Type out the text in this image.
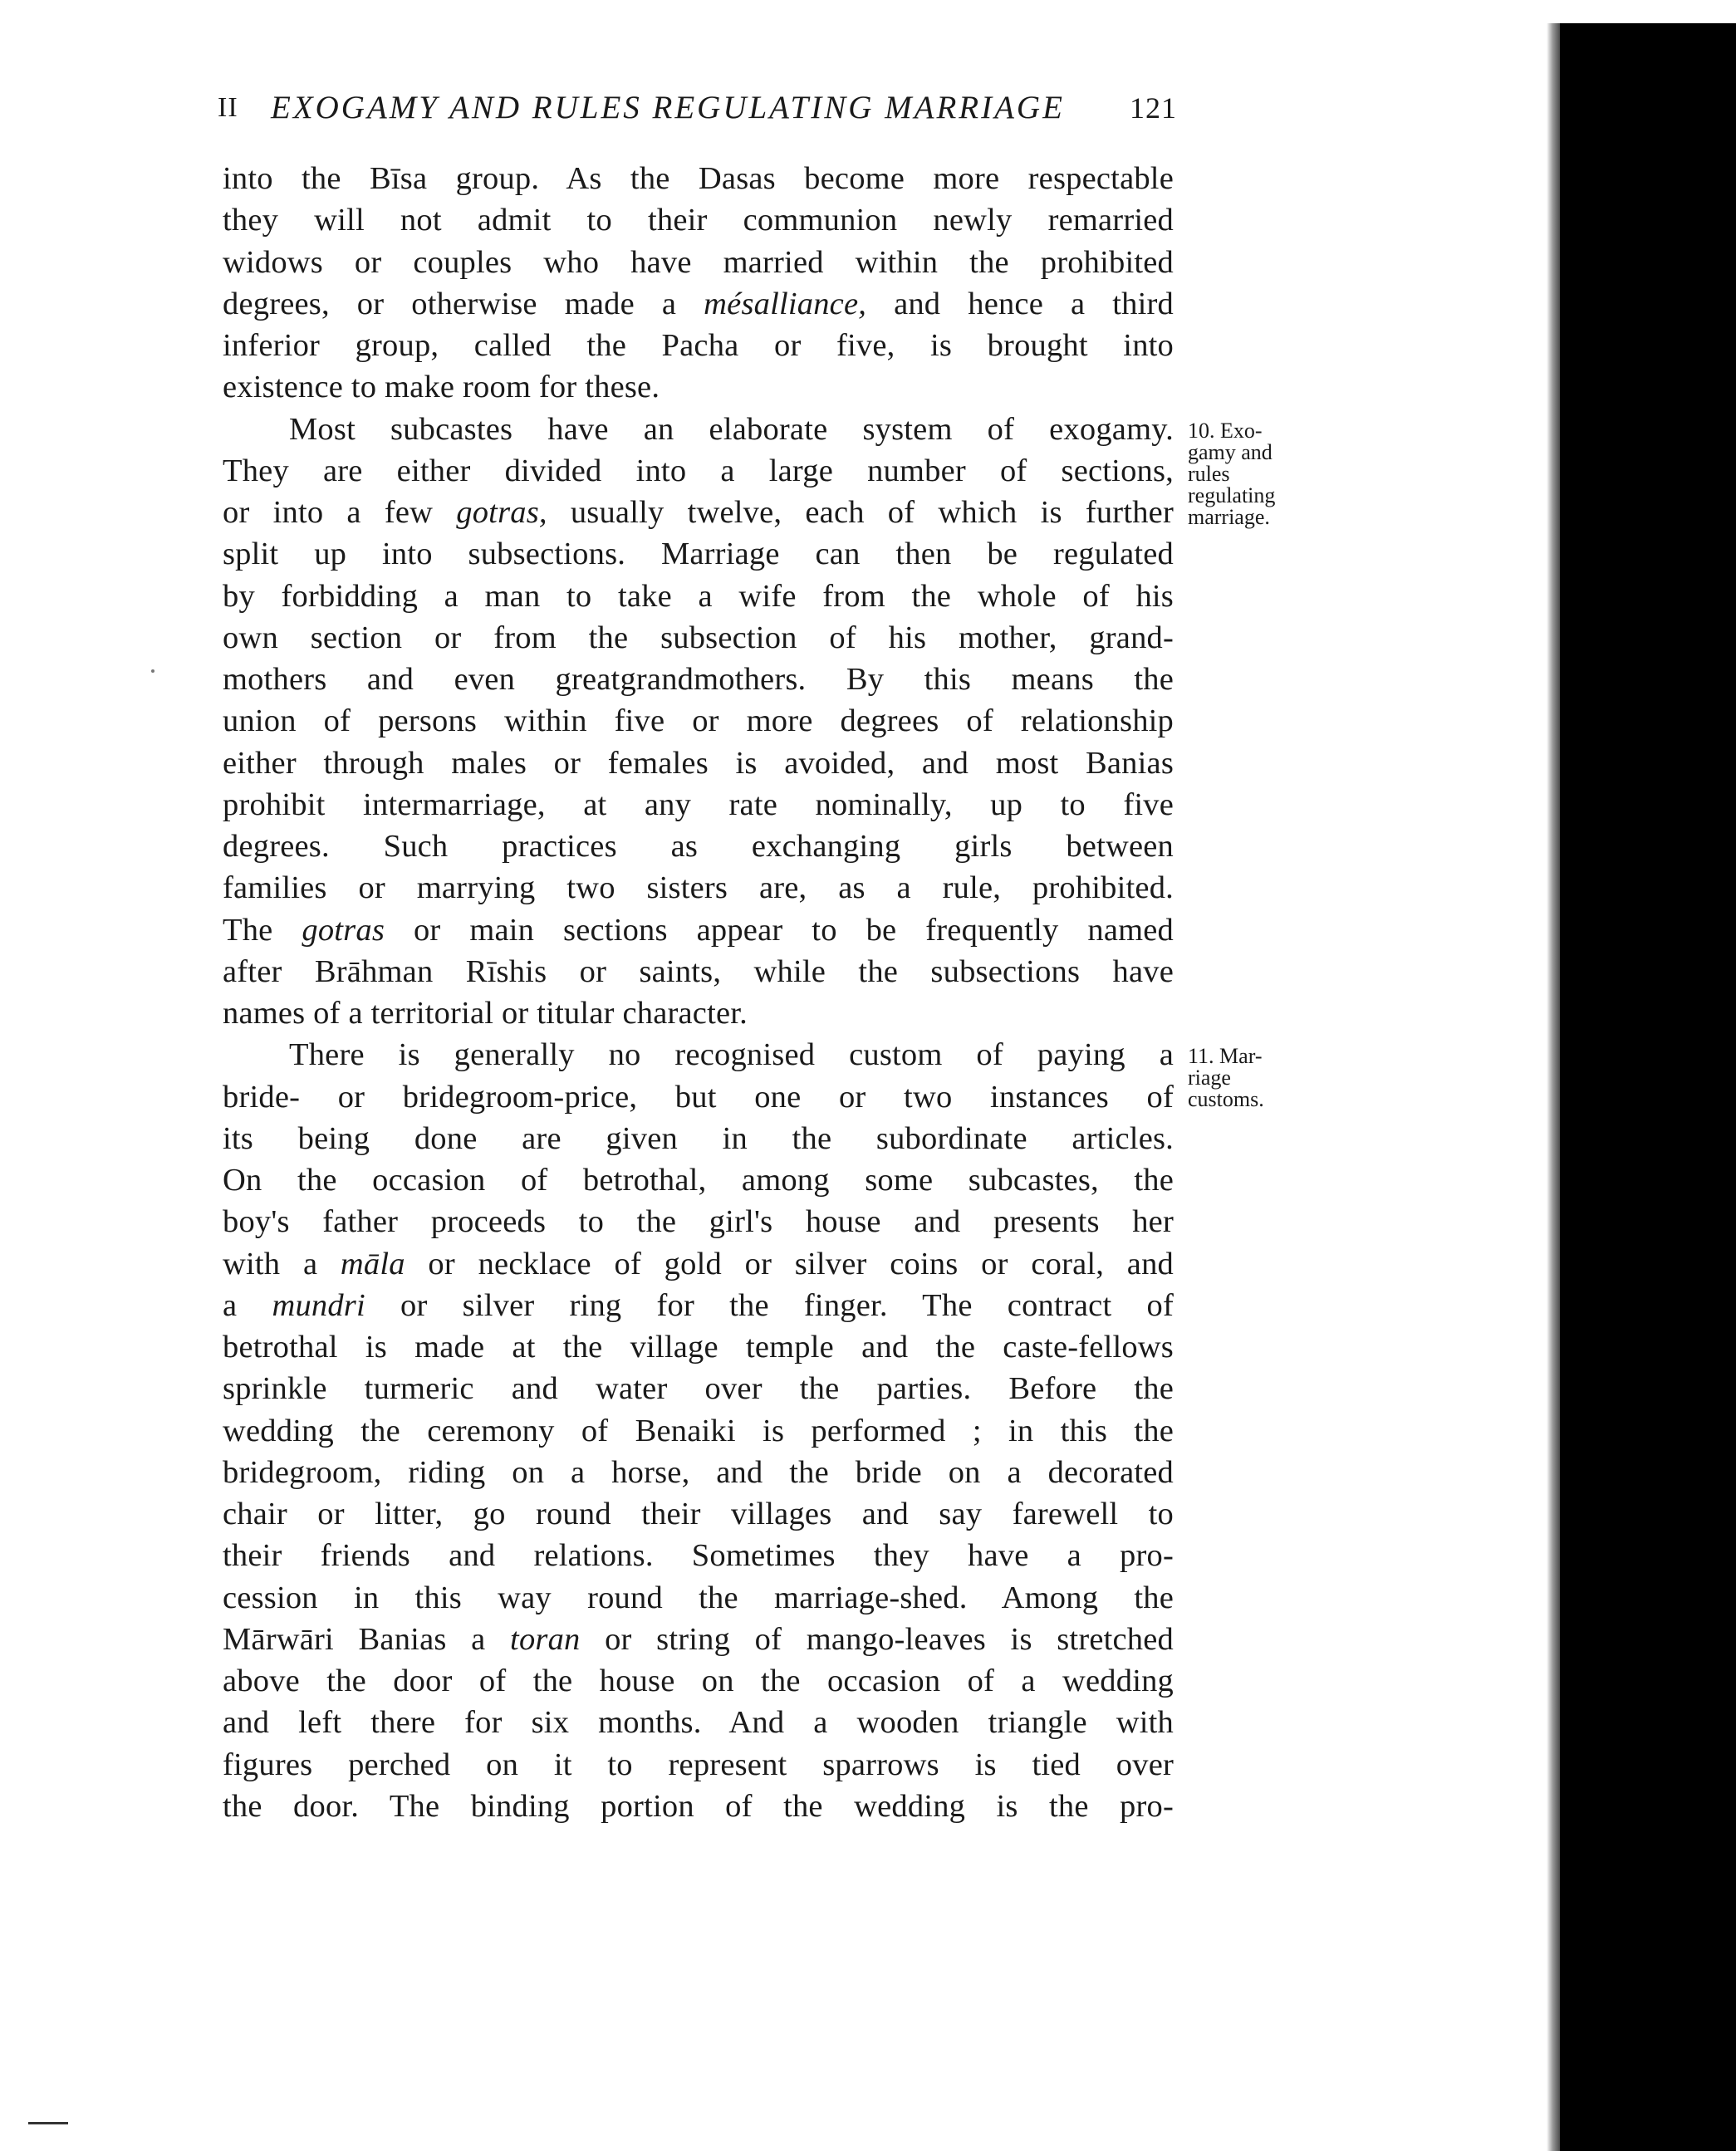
II EXOGAMY AND RULES REGULATING MARRIAGE 121
into the Bīsa group. As the Dasas become more respectable
they will not admit to their communion newly remarried
widows or couples who have married within the prohibited
degrees, or otherwise made a mésalliance, and hence a third
inferior group, called the Pacha or five, is brought into
existence to make room for these.
Most subcastes have an elaborate system of exogamy.
They are either divided into a large number of sections,
or into a few gotras, usually twelve, each of which is further
split up into subsections. Marriage can then be regulated
by forbidding a man to take a wife from the whole of his
own section or from the subsection of his mother, grand-
mothers and even greatgrandmothers. By this means the
union of persons within five or more degrees of relationship
either through males or females is avoided, and most Banias
prohibit intermarriage, at any rate nominally, up to five
degrees. Such practices as exchanging girls between
families or marrying two sisters are, as a rule, prohibited.
The gotras or main sections appear to be frequently named
after Brāhman Rīshis or saints, while the subsections have
names of a territorial or titular character.
There is generally no recognised custom of paying a
bride- or bridegroom-price, but one or two instances of
its being done are given in the subordinate articles.
On the occasion of betrothal, among some subcastes, the
boy's father proceeds to the girl's house and presents her
with a māla or necklace of gold or silver coins or coral, and
a mundri or silver ring for the finger. The contract of
betrothal is made at the village temple and the caste-fellows
sprinkle turmeric and water over the parties. Before the
wedding the ceremony of Benaiki is performed ; in this the
bridegroom, riding on a horse, and the bride on a decorated
chair or litter, go round their villages and say farewell to
their friends and relations. Sometimes they have a pro-
cession in this way round the marriage-shed. Among the
Mārwāri Banias a toran or string of mango-leaves is stretched
above the door of the house on the occasion of a wedding
and left there for six months. And a wooden triangle with
figures perched on it to represent sparrows is tied over
the door. The binding portion of the wedding is the pro-
10. Exo-
gamy and
rules
regulating
marriage.
11. Mar-
riage
customs.
